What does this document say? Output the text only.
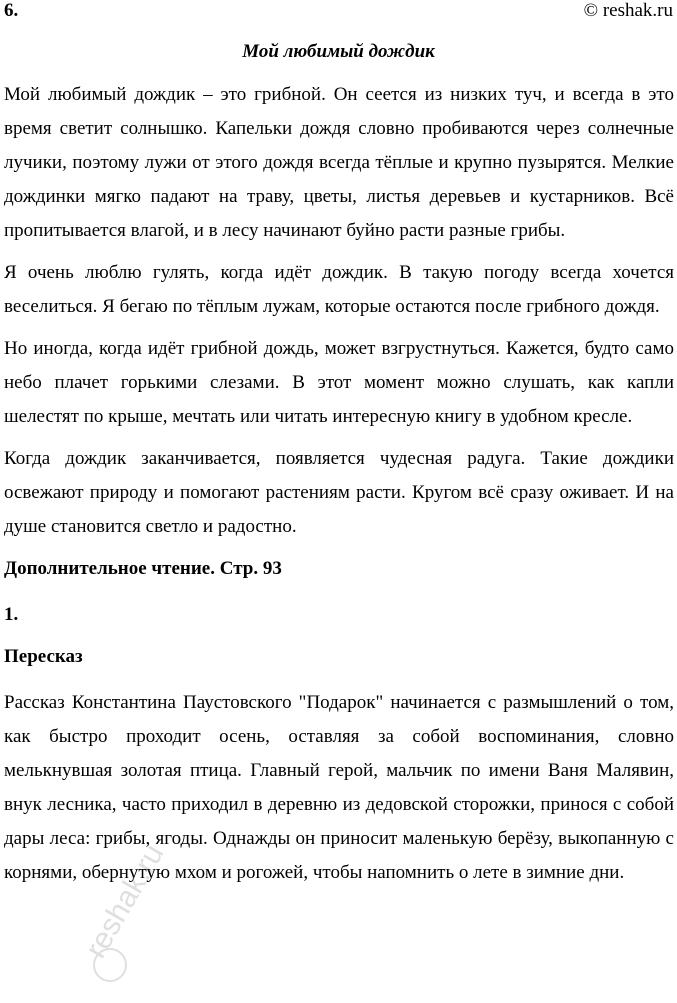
6.	© reshak.ru
Мой любимый дождик

Мой любимый дождик – это грибной. Он сеется из низких туч, и всегда в это время светит солнышко. Капельки дождя словно пробиваются через солнечные лучики, поэтому лужи от этого дождя всегда тёплые и крупно пузырятся. Мелкие дождинки мягко падают на траву, цветы, листья деревьев и кустарников. Всё пропитывается влагой, и в лесу начинают буйно расти разные грибы.

Я очень люблю гулять, когда идёт дождик. В такую погоду всегда хочется веселиться. Я бегаю по тёплым лужам, которые остаются после грибного дождя.

Но иногда, когда идёт грибной дождь, может взгрустнуться. Кажется, будто само небо плачет горькими слезами. В этот момент можно слушать, как капли шелестят по крыше, мечтать или читать интересную книгу в удобном кресле.

Когда дождик заканчивается, появляется чудесная радуга. Такие дождики освежают природу и помогают растениям расти. Кругом всё сразу оживает. И на душе становится светло и радостно.

Дополнительное чтение. Стр. 93

1.

Пересказ

Рассказ Константина Паустовского "Подарок" начинается с размышлений о том, как быстро проходит осень, оставляя за собой воспоминания, словно мелькнувшая золотая птица. Главный герой, мальчик по имени Ваня Малявин, внук лесника, часто приходил в деревню из дедовской сторожки, принося с собой дары леса: грибы, ягоды. Однажды он приносит маленькую берёзу, выкопанную с корнями, обернутую мхом и рогожей, чтобы напомнить о лете в зимние дни.

reshak.ru
